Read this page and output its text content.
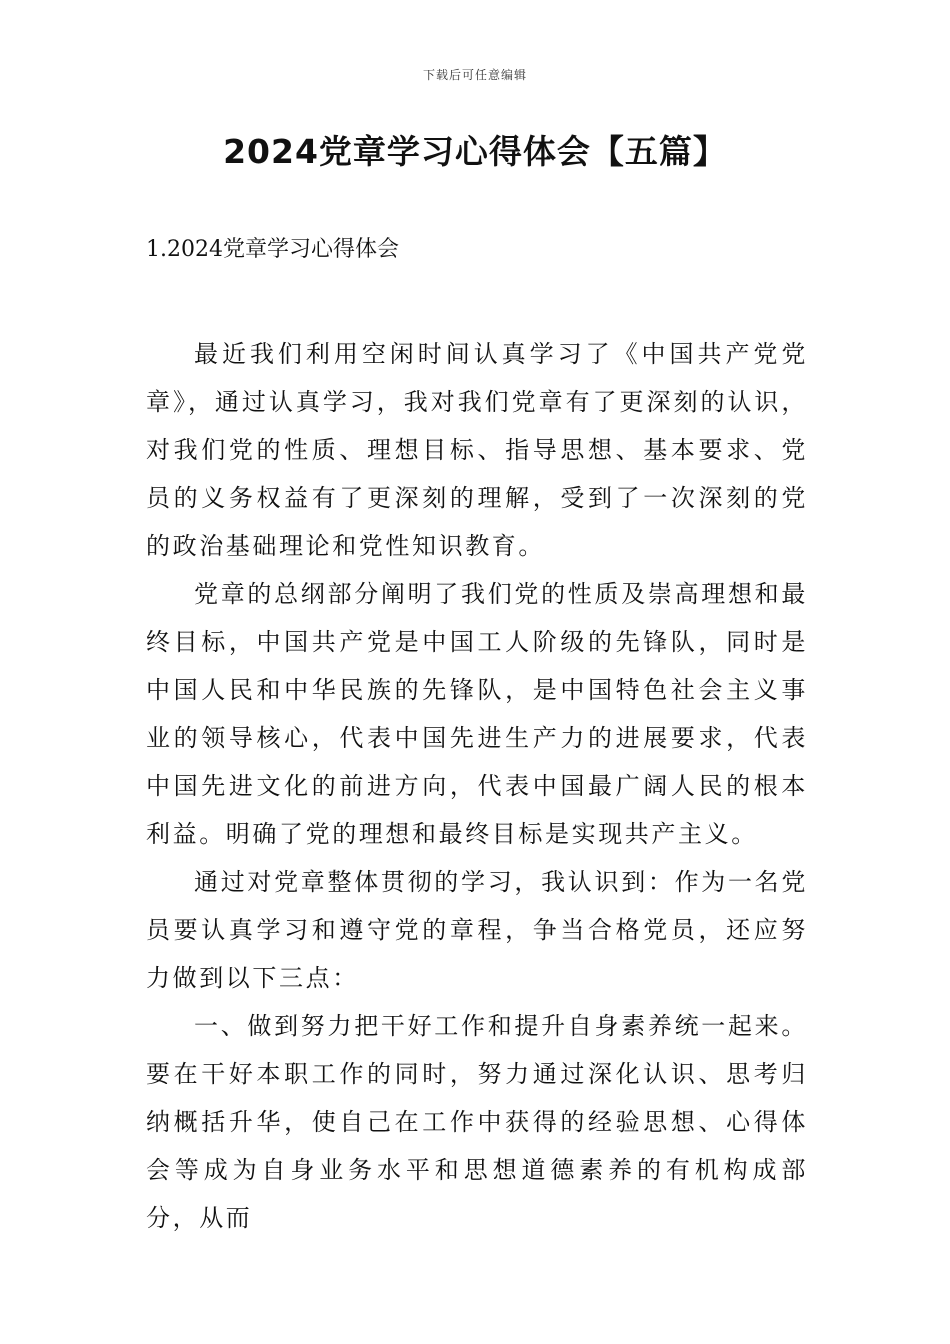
下载后可任意编辑
2024党章学习心得体会【五篇】
1.2024党章学习心得体会

最近我们利用空闲时间认真学习了《中国共产党党章》，通过认真学习，我对我们党章有了更深刻的认识，对我们党的性质、理想目标、指导思想、基本要求、党员的义务权益有了更深刻的理解，受到了一次深刻的党的政治基础理论和党性知识教育。

党章的总纲部分阐明了我们党的性质及崇高理想和最终目标，中国共产党是中国工人阶级的先锋队，同时是中国人民和中华民族的先锋队，是中国特色社会主义事业的领导核心，代表中国先进生产力的进展要求，代表中国先进文化的前进方向，代表中国最广阔人民的根本利益。明确了党的理想和最终目标是实现共产主义。

通过对党章整体贯彻的学习，我认识到：作为一名党员要认真学习和遵守党的章程，争当合格党员，还应努力做到以下三点：

一、做到努力把干好工作和提升自身素养统一起来。要在干好本职工作的同时，努力通过深化认识、思考归纳概括升华，使自己在工作中获得的经验思想、心得体会等成为自身业务水平和思想道德素养的有机构成部分，从而
